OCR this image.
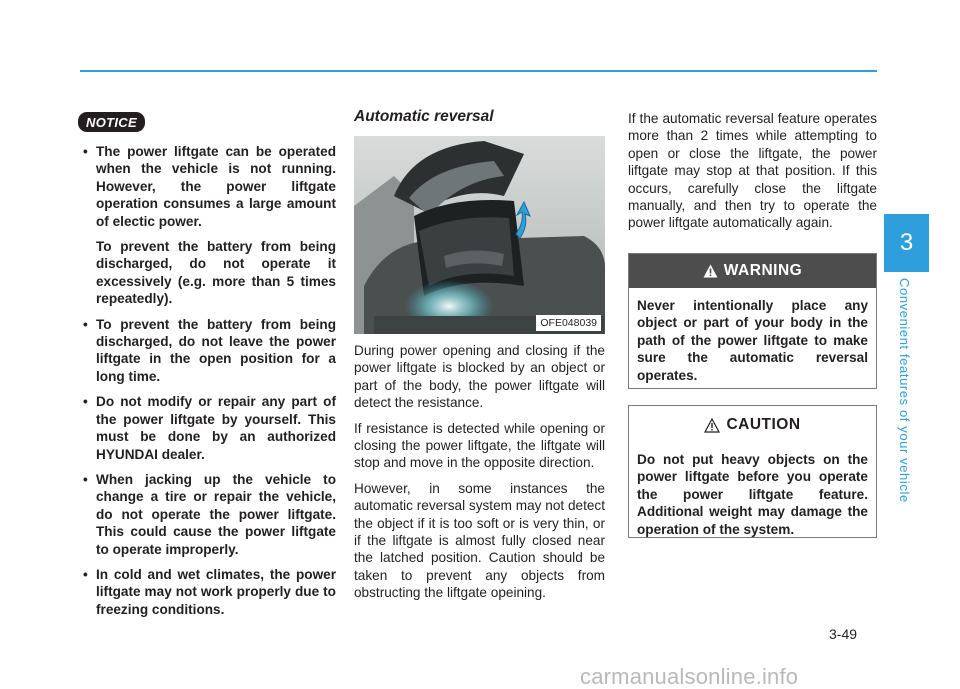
NOTICE
• The power liftgate can be operated when the vehicle is not running. However, the power liftgate operation consumes a large amount of electic power.

To prevent the battery from being discharged, do not operate it excessively (e.g. more than 5 times repeatedly).

• To prevent the battery from being discharged, do not leave the power liftgate in the open position for a long time.

• Do not modify or repair any part of the power liftgate by yourself. This must be done by an authorized HYUNDAI dealer.

• When jacking up the vehicle to change a tire or repair the vehicle, do not operate the power liftgate. This could cause the power liftgate to operate improperly.

• In cold and wet climates, the power liftgate may not work properly due to freezing conditions.

Automatic reversal
OFE048039

During power opening and closing if the power liftgate is blocked by an object or part of the body, the power liftgate will detect the resistance.

If resistance is detected while opening or closing the power liftgate, the liftgate will stop and move in the opposite direction.

However, in some instances the automatic reversal system may not detect the object if it is too soft or is very thin, or if the liftgate is almost fully closed near the latched position. Caution should be taken to prevent any objects from obstructing the liftgate opeining.

If the automatic reversal feature operates more than 2 times while attempting to open or close the liftgate, the power liftgate may stop at that position. If this occurs, carefully close the liftgate manually, and then try to operate the power liftgate automatically again.

WARNING

Never intentionally place any object or part of your body in the path of the power liftgate to make sure the automatic reversal operates.

CAUTION

Do not put heavy objects on the power liftgate before you operate the power liftgate feature. Additional weight may damage the operation of the system.

3
Convenient features of your vehicle
3-49
carmanualsonline.info
